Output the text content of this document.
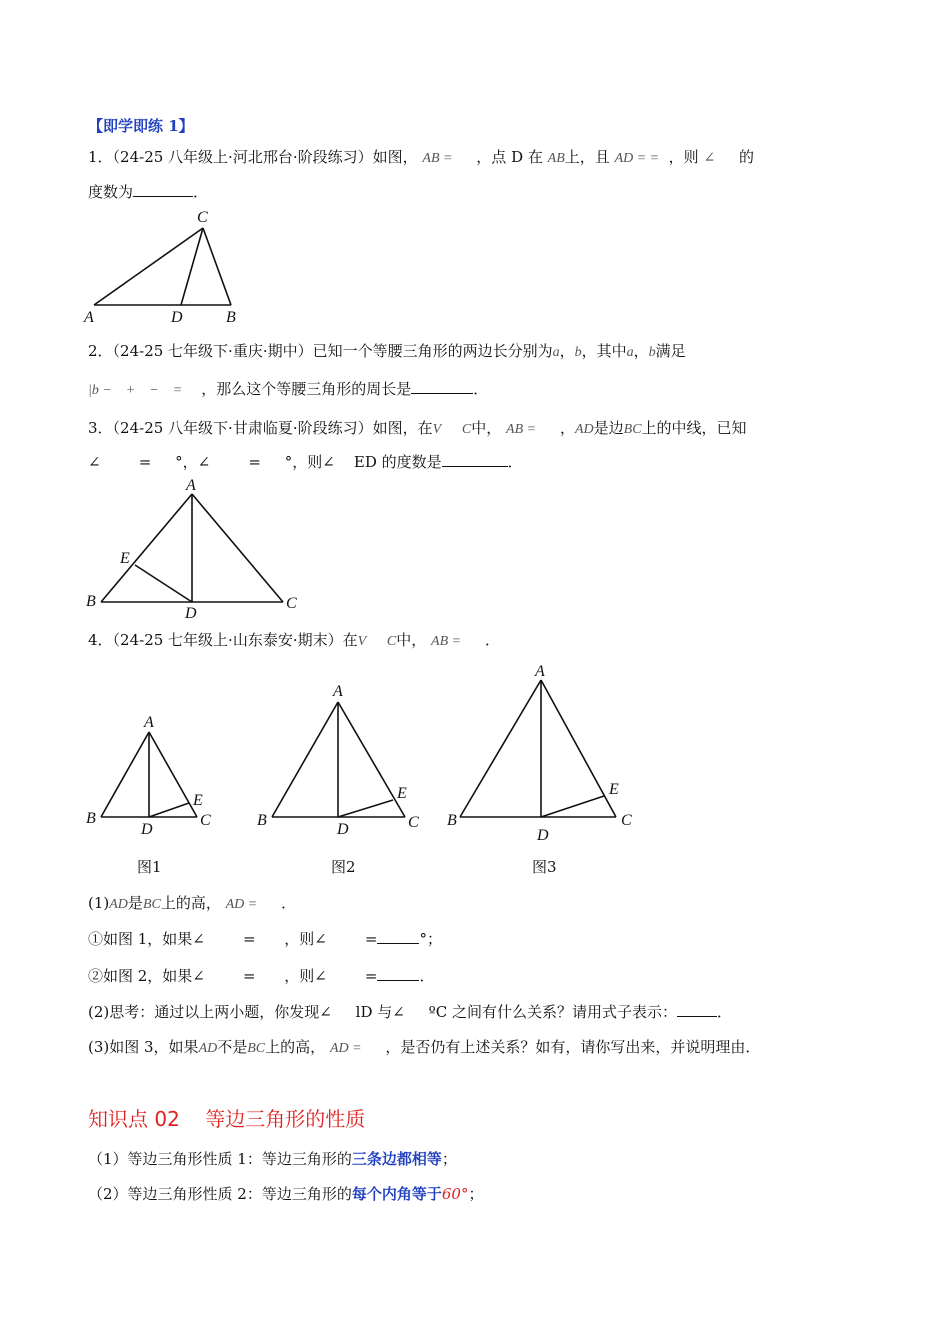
【即学即练 1】
1．（24-25 八年级上·河北邢台·阶段练习）如图， AB = ，点 D 在 AB上，且 AD = = ，则 ∠ 的
度数为	．
A	D	B
C
2．（24-25 七年级下·重庆·期中）已知一个等腰三角形的两边长分别为a，b，其中a，b满足
|b −    +    −    = ，那么这个等腰三角形的周长是	．
3．（24-25 八年级下·甘肃临夏·阶段练习）如图，在V      C中， AB = ，AD是边BC上的中线，已知
∠        =     °，∠        =     °，则∠    ED 的度数是	．
A
B	C
D
E
4．（24-25 七年级上·山东泰安·期末）在V      C中， AB = ．
A
B	C
D
E
A
B	C
D
E
A
B	C
D
E
图1	图2	图3
(1)AD是BC上的高， AD = ．
①如图 1，如果∠        =      ，则∠        =	°；
②如图 2，如果∠        =      ，则∠        =	．
(2)思考：通过以上两小题，你发现∠     lD 与∠     ºC 之间有什么关系？请用式子表示：	．
(3)如图 3，如果AD不是BC上的高， AD = ，是否仍有上述关系？如有，请你写出来，并说明理由．
知识点 02    等边三角形的性质
（1）等边三角形性质 1：等边三角形的三条边都相等；
（2）等边三角形性质 2：等边三角形的每个内角等于60°；
